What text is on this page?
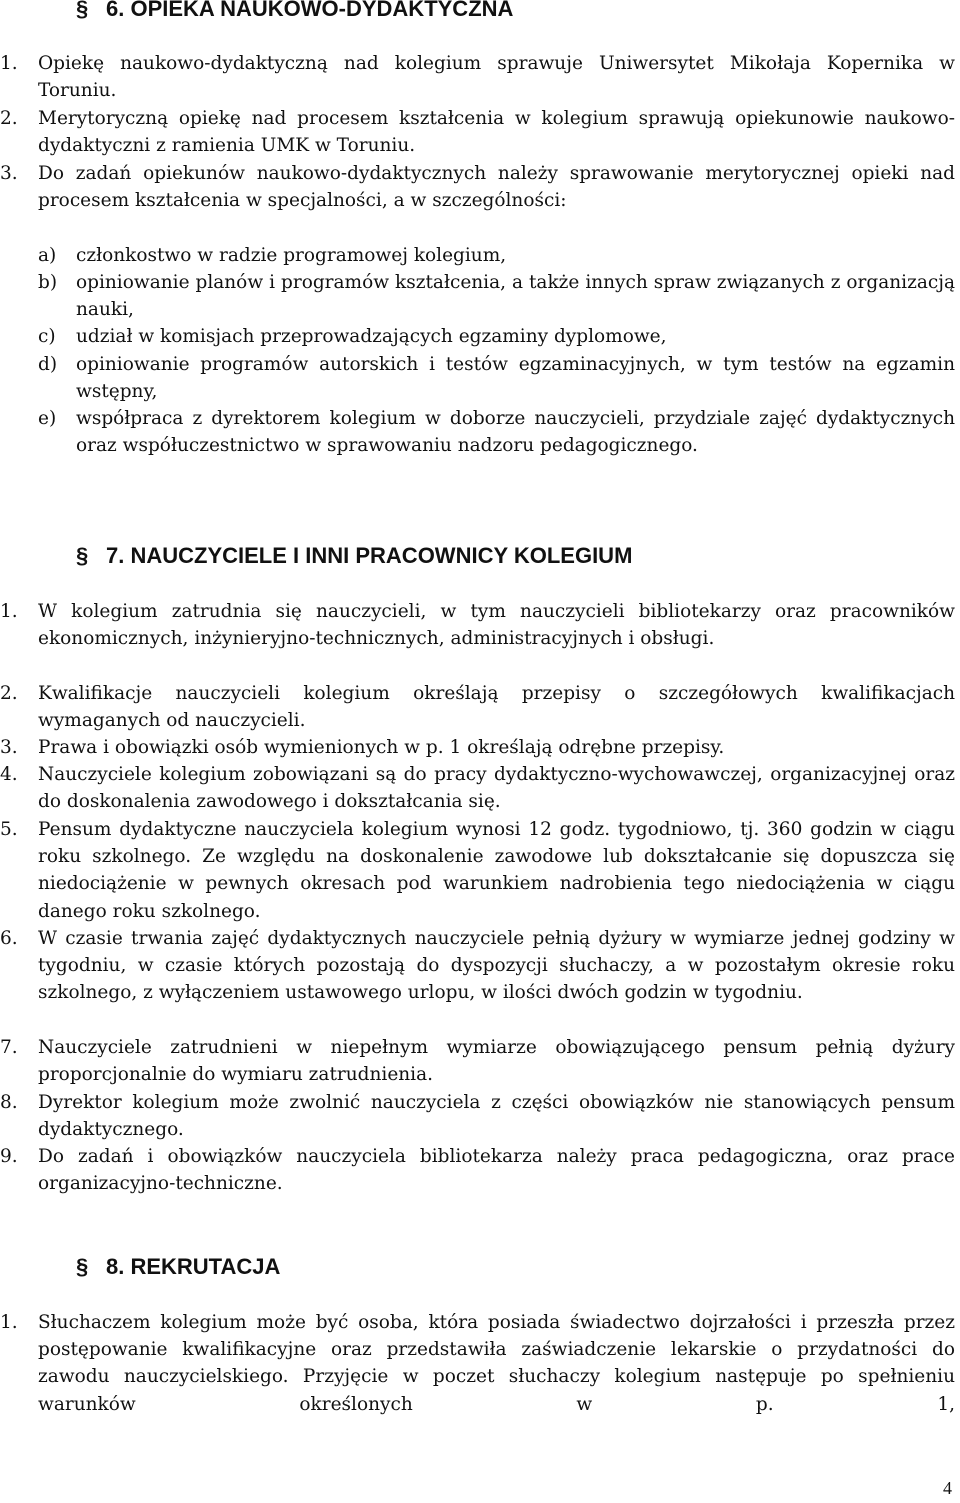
§ 6. OPIEKA NAUKOWO-DYDAKTYCZNA
1. Opiekę naukowo-dydaktyczną nad kolegium sprawuje Uniwersytet Mikołaja Kopernika w Toruniu.
2. Merytoryczną opiekę nad procesem kształcenia w kolegium sprawują opiekunowie naukowo-dydaktyczni z ramienia UMK w Toruniu.
3. Do zadań opiekunów naukowo-dydaktycznych należy sprawowanie merytorycznej opieki nad procesem kształcenia w specjalności, a w szczególności:
a) członkostwo w radzie programowej kolegium,
b) opiniowanie planów i programów kształcenia, a także innych spraw związanych z organizacją nauki,
c) udział w komisjach przeprowadzających egzaminy dyplomowe,
d) opiniowanie programów autorskich i testów egzaminacyjnych, w tym testów na egzamin wstępny,
e) współpraca z dyrektorem kolegium w doborze nauczycieli, przydziale zajęć dydaktycznych oraz współuczestnictwo w sprawowaniu nadzoru pedagogicznego.
§ 7. NAUCZYCIELE I INNI PRACOWNICY KOLEGIUM
1. W kolegium zatrudnia się nauczycieli, w tym nauczycieli bibliotekarzy oraz pracowników ekonomicznych, inżynieryjno-technicznych, administracyjnych i obsługi.
2. Kwalifikacje nauczycieli kolegium określają przepisy o szczegółowych kwalifikacjach wymaganych od nauczycieli.
3. Prawa i obowiązki osób wymienionych w p. 1 określają odrębne przepisy.
4. Nauczyciele kolegium zobowiązani są do pracy dydaktyczno-wychowawczej, organizacyjnej oraz do doskonalenia zawodowego i dokształcania się.
5. Pensum dydaktyczne nauczyciela kolegium wynosi 12 godz. tygodniowo, tj. 360 godzin w ciągu roku szkolnego. Ze względu na doskonalenie zawodowe lub dokształcanie się dopuszcza się niedociążenie w pewnych okresach pod warunkiem nadrobienia tego niedociążenia w ciągu danego roku szkolnego.
6. W czasie trwania zajęć dydaktycznych nauczyciele pełnią dyżury w wymiarze jednej godziny w tygodniu, w czasie których pozostają do dyspozycji słuchaczy, a w pozostałym okresie roku szkolnego, z wyłączeniem ustawowego urlopu, w ilości dwóch godzin w tygodniu.
7. Nauczyciele zatrudnieni w niepełnym wymiarze obowiązującego pensum pełnią dyżury proporcjonalnie do wymiaru zatrudnienia.
8. Dyrektor kolegium może zwolnić nauczyciela z części obowiązków nie stanowiących pensum dydaktycznego.
9. Do zadań i obowiązków nauczyciela bibliotekarza należy praca pedagogiczna, oraz prace organizacyjno-techniczne.
§ 8. REKRUTACJA
1. Słuchaczem kolegium może być osoba, która posiada świadectwo dojrzałości i przeszła przez postępowanie kwalifikacyjne oraz przedstawiła zaświadczenie lekarskie o przydatności do zawodu nauczycielskiego. Przyjęcie w poczet słuchaczy kolegium następuje po spełnieniu warunków określonych w p. 1,
4
